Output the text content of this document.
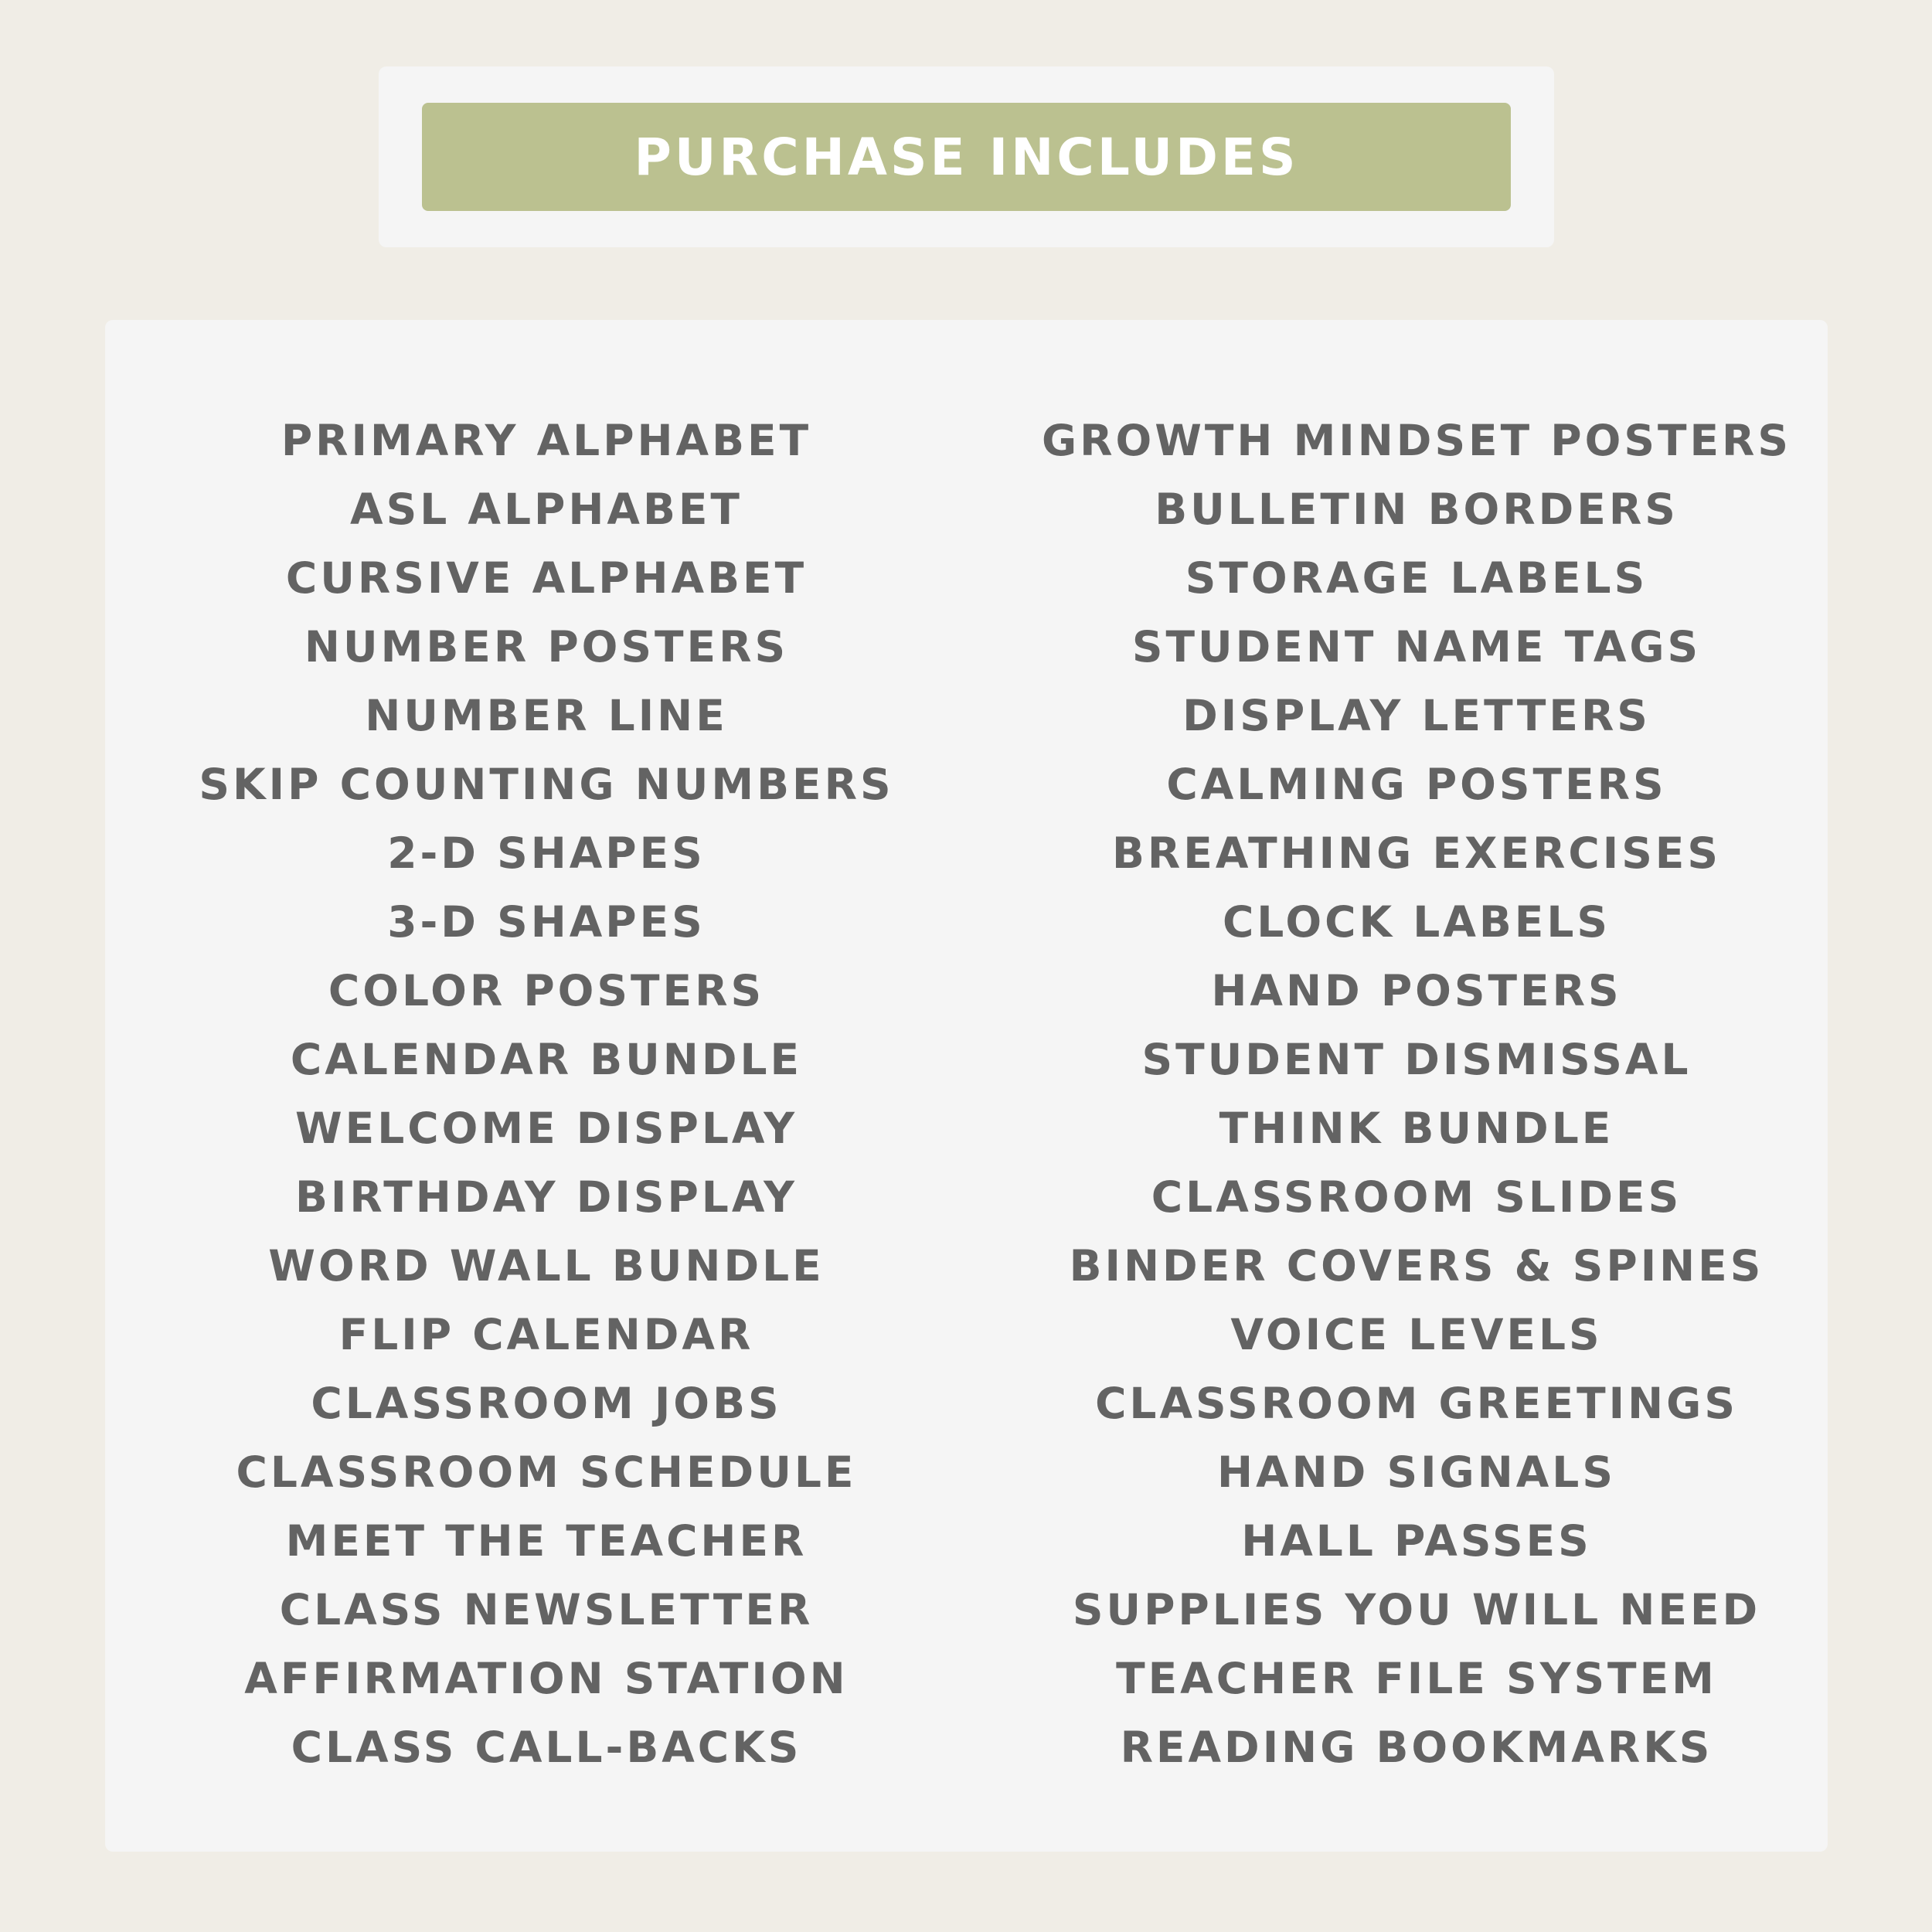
PURCHASE INCLUDES
PRIMARY ALPHABET
ASL ALPHABET
CURSIVE ALPHABET
NUMBER POSTERS
NUMBER LINE
SKIP COUNTING NUMBERS
2-D SHAPES
3-D SHAPES
COLOR POSTERS
CALENDAR BUNDLE
WELCOME DISPLAY
BIRTHDAY DISPLAY
WORD WALL BUNDLE
FLIP CALENDAR
CLASSROOM JOBS
CLASSROOM SCHEDULE
MEET THE TEACHER
CLASS NEWSLETTER
AFFIRMATION STATION
CLASS CALL-BACKS
GROWTH MINDSET POSTERS
BULLETIN BORDERS
STORAGE LABELS
STUDENT NAME TAGS
DISPLAY LETTERS
CALMING POSTERS
BREATHING EXERCISES
CLOCK LABELS
HAND POSTERS
STUDENT DISMISSAL
THINK BUNDLE
CLASSROOM SLIDES
BINDER COVERS & SPINES
VOICE LEVELS
CLASSROOM GREETINGS
HAND SIGNALS
HALL PASSES
SUPPLIES YOU WILL NEED
TEACHER FILE SYSTEM
READING BOOKMARKS
